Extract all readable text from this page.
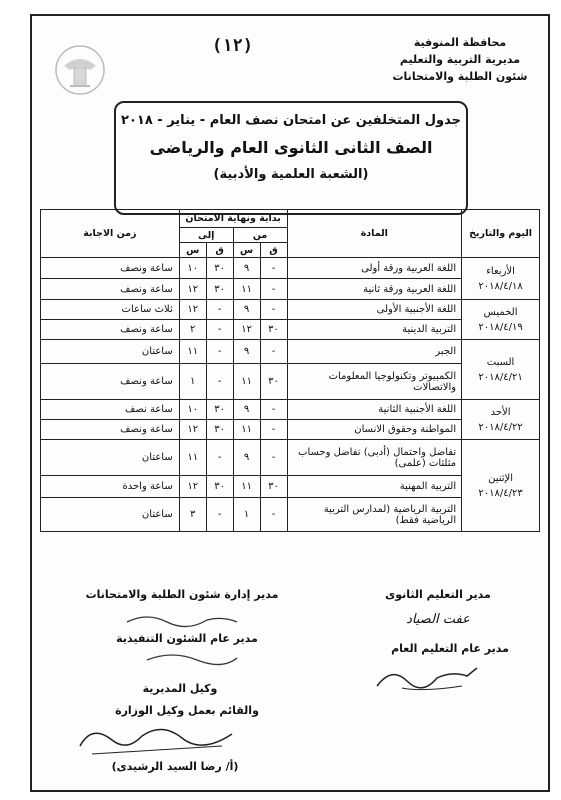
(١٢)	محافظة المنوفية
مديرية التربية والتعليم
شئون الطلبة والامتحانات
جدول المتخلفين عن امتحان نصف العام - يناير - ٢٠١٨
الصف الثانى الثانوى العام والرياضى
(الشعبة العلمية والأدبية)
اليوم والتاريخ	المادة	بداية ونهاية الامتحان				زمن الاجابة
		من		إلى		
		ق	س	ق	س	

الأربعاء
٢٠١٨/٤/١٨	اللغة العربية ورقة أولى	-	٩	٣٠	١٠	ساعة ونصف
	اللغة العربية ورقة ثانية	-	١١	٣٠	١٢	ساعة ونصف

الخميس
٢٠١٨/٤/١٩	اللغة الأجنبية الأولى	-	٩	-	١٢	ثلاث ساعات
	التربية الدينية	٣٠	١٢	-	٢	ساعة ونصف

السبت
٢٠١٨/٤/٢١	الجبر	-	٩	-	١١	ساعتان
	الكمبيوتر وتكنولوجيا المعلومات والاتصالات	٣٠	١١	-	١	ساعة ونصف

الأحد
٢٠١٨/٤/٢٢	اللغة الأجنبية الثانية	-	٩	٣٠	١٠	ساعة نصف
	المواطنة وحقوق الانسان	-	١١	٣٠	١٢	ساعة ونصف

الإثنين
٢٠١٨/٤/٢٣	تفاضل واحتمال (أدبى) تفاضل وحساب مثلثات (علمى)	-	٩	-	١١	ساعتان
	التربية المهنية	٣٠	١١	٣٠	١٢	ساعة واحدة
	التربية الرياضية (لمدارس التربية الرياضية فقط)	-	١	-	٣	ساعتان
مدير التعليم الثانوى
عفت الصياد
مدير عام التعليم العام
مدير إدارة شئون الطلبة والامتحانات
مدير عام الشئون التنفيذية
وكيل المديرية
والقائم بعمل وكيل الوزارة
(أ/ رضا السيد الرشيدى)
